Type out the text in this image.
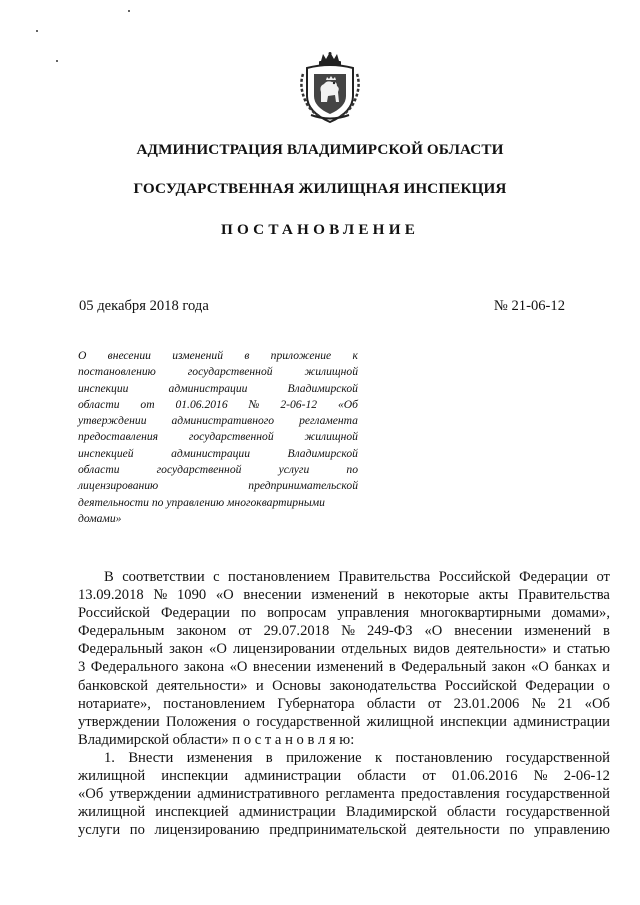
АДМИНИСТРАЦИЯ ВЛАДИМИРСКОЙ ОБЛАСТИ
ГОСУДАРСТВЕННАЯ ЖИЛИЩНАЯ ИНСПЕКЦИЯ
ПОСТАНОВЛЕНИЕ
05 декабря 2018 года	№ 21-06-12
О внесении изменений в приложение к
постановлению	государственной	жилищной
инспекции	администрации	Владимирской
области от 01.06.2016 № 2-06-12 «Об
утверждении административного регламента
предоставления	государственной	жилищной
инспекцией	администрации	Владимирской
области	государственной	услуги	по
лицензированию	предпринимательской
деятельности по управлению многоквартирными
домами»
В соответствии с постановлением Правительства Российской Федерации от
13.09.2018 № 1090 «О внесении изменений в некоторые акты Правительства
Российской Федерации по вопросам управления многоквартирными домами»,
Федеральным законом от 29.07.2018 № 249-ФЗ «О внесении изменений в
Федеральный закон «О лицензировании отдельных видов деятельности» и статью
3 Федерального закона «О внесении изменений в Федеральный закон «О банках и
банковской деятельности» и Основы законодательства Российской Федерации о
нотариате», постановлением Губернатора области от 23.01.2006 № 21 «Об
утверждении Положения о государственной жилищной инспекции администрации
Владимирской области» п о с т а н о в л я ю:
1. Внести изменения в приложение к постановлению государственной
жилищной инспекции администрации области от 01.06.2016 № 2-06-12
«Об утверждении административного регламента предоставления государственной
жилищной инспекцией администрации Владимирской области государственной
услуги по лицензированию предпринимательской деятельности по управлению
